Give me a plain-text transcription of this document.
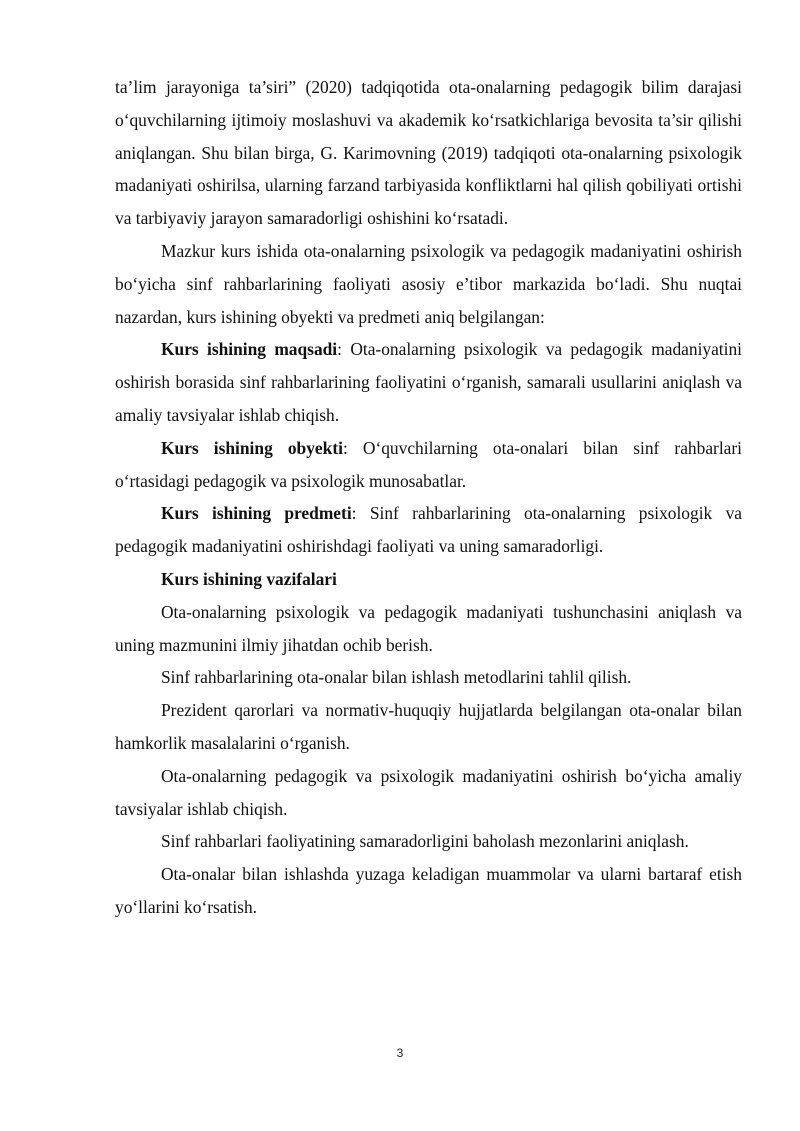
ta’lim jarayoniga ta’siri” (2020) tadqiqotida ota-onalarning pedagogik bilim darajasi o‘quvchilarning ijtimoiy moslashuvi va akademik ko‘rsatkichlariga bevosita ta’sir qilishi aniqlangan. Shu bilan birga, G. Karimovning (2019) tadqiqoti ota-onalarning psixologik madaniyati oshirilsa, ularning farzand tarbiyasida konfliktlarni hal qilish qobiliyati ortishi va tarbiyaviy jarayon samaradorligi oshishini ko‘rsatadi.

Mazkur kurs ishida ota-onalarning psixologik va pedagogik madaniyatini oshirish bo‘yicha sinf rahbarlarining faoliyati asosiy e’tibor markazida bo‘ladi. Shu nuqtai nazardan, kurs ishining obyekti va predmeti aniq belgilangan:

Kurs ishining maqsadi: Ota-onalarning psixologik va pedagogik madaniyatini oshirish borasida sinf rahbarlarining faoliyatini o‘rganish, samarali usullarini aniqlash va amaliy tavsiyalar ishlab chiqish.

Kurs ishining obyekti: O‘quvchilarning ota-onalari bilan sinf rahbarlari o‘rtasidagi pedagogik va psixologik munosabatlar.

Kurs ishining predmeti: Sinf rahbarlarining ota-onalarning psixologik va pedagogik madaniyatini oshirishdagi faoliyati va uning samaradorligi.

Kurs ishining vazifalari

Ota-onalarning psixologik va pedagogik madaniyati tushunchasini aniqlash va uning mazmunini ilmiy jihatdan ochib berish.

Sinf rahbarlarining ota-onalar bilan ishlash metodlarini tahlil qilish.

Prezident qarorlari va normativ-huquqiy hujjatlarda belgilangan ota-onalar bilan hamkorlik masalalarini o‘rganish.

Ota-onalarning pedagogik va psixologik madaniyatini oshirish bo‘yicha amaliy tavsiyalar ishlab chiqish.

Sinf rahbarlari faoliyatining samaradorligini baholash mezonlarini aniqlash.

Ota-onalar bilan ishlashda yuzaga keladigan muammolar va ularni bartaraf etish yo‘llarini ko‘rsatish.

3
